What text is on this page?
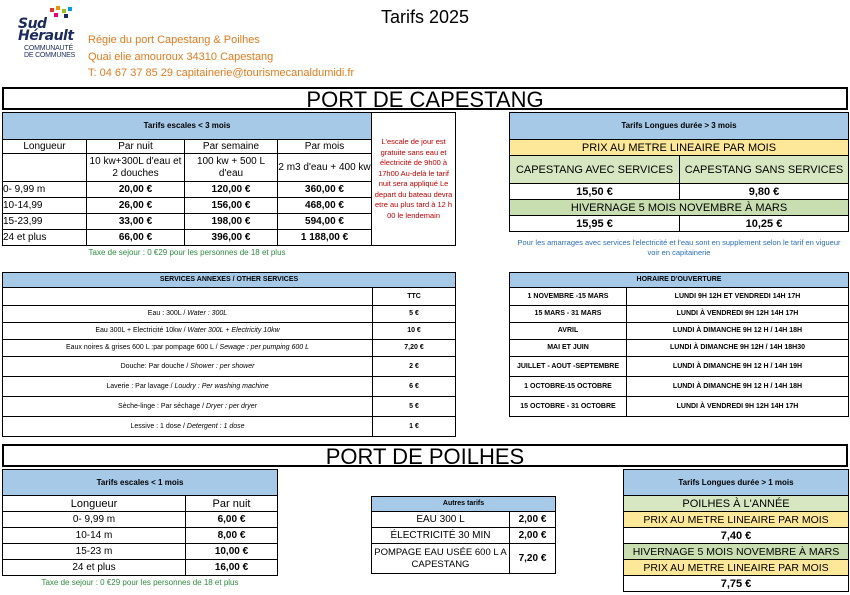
Sud
Hérault
COMMUNAUTÉ
DE COMMUNES
Tarifs 2025
Régie du port Capestang & Poilhes
Quai elie amouroux 34310 Capestang
T: 04 67 37 85 29 capitainerie@tourismecanaldumidi.fr
PORT DE CAPESTANG
Tarifs escales < 3 mois				L'escale de jour est gratuite sans eau et électricité de 9h00 à 17h00 Au-delà le tarif nuit sera appliqué Le depart du bateau devra etre au plus tard à 12 h 00 le lendemain
Longueur	Par nuit	Par semaine	Par mois	
	10 kw+300L d'eau et 2 douches	100 kw + 500 L d'eau	2 m3 d'eau + 400 kw	
0- 9,99 m	20,00 €	120,00 €	360,00 €	
10-14,99	26,00 €	156,00 €	468,00 €	
15-23,99	33,00 €	198,00 €	594,00 €	
24 et plus	66,00 €	396,00 €	1 188,00 €	
Taxe de sejour : 0 €29 pour les personnes de 18 et plus				
Tarifs Longues durée > 3 mois	
PRIX AU METRE LINEAIRE PAR MOIS	
CAPESTANG AVEC SERVICES	CAPESTANG SANS SERVICES
15,50 €	9,80 €
HIVERNAGE 5 MOIS NOVEMBRE À MARS	
15,95 €	10,25 €
Pour les amarrages avec services l'electricité et l'eau sont en supplement selon le tarif en vigueur voir en capitainerie	
SERVICES ANNEXES / OTHER SERVICES	
	TTC
Eau : 300L / Water : 300L	5 €
Eau 300L + Electricité 10kw / Water 300L + Electricity 10kw	10 €
Eaux noires & grises 600 L :par pompage 600 L / Sewage : per pumping 600 L	7,20 €
Douche: Par douche / Shower : per shower	2 €
Laverie : Par lavage / Loudry : Per washing machine	6 €
Sèche-linge : Par séchage / Dryer : per dryer	5 €
Lessive : 1 dose / Detergent : 1 dose	1 €
HORAIRE D'OUVERTURE	
1 NOVEMBRE -15 MARS	LUNDI 9H 12H ET VENDREDI 14H 17H
15 MARS - 31 MARS	LUNDI À VENDREDI 9H 12H 14H 17H
AVRIL	LUNDI À DIMANCHE 9H 12 H / 14H 18H
MAI ET JUIN	LUNDI À DIMANCHE 9H 12H / 14H 18H30
JUILLET - AOUT -SEPTEMBRE	LUNDI À DIMANCHE 9H 12 H / 14H 19H
1 OCTOBRE-15 OCTOBRE	LUNDI À DIMANCHE 9H 12 H / 14H 18H
15 OCTOBRE - 31 OCTOBRE	LUNDI À VENDREDI 9H 12H 14H 17H
PORT DE POILHES
Tarifs escales < 1 mois	
Longueur	Par nuit
0- 9,99 m	6,00 €
10-14 m	8,00 €
15-23 m	10,00 €
24 et plus	16,00 €
Taxe de sejour : 0 €29 pour les personnes de 18 et plus	
Autres tarifs	
EAU 300 L	2,00 €
ÉLECTRICITÉ 30 MIN	2,00 €
POMPAGE EAU USÉE 600 L A CAPESTANG	7,20 €
Tarifs Longues durée > 1 mois
POILHES À L'ANNÉE
PRIX AU METRE LINEAIRE PAR MOIS
7,40 €
HIVERNAGE 5 MOIS NOVEMBRE À MARS
PRIX AU METRE LINEAIRE PAR MOIS
7,75 €
